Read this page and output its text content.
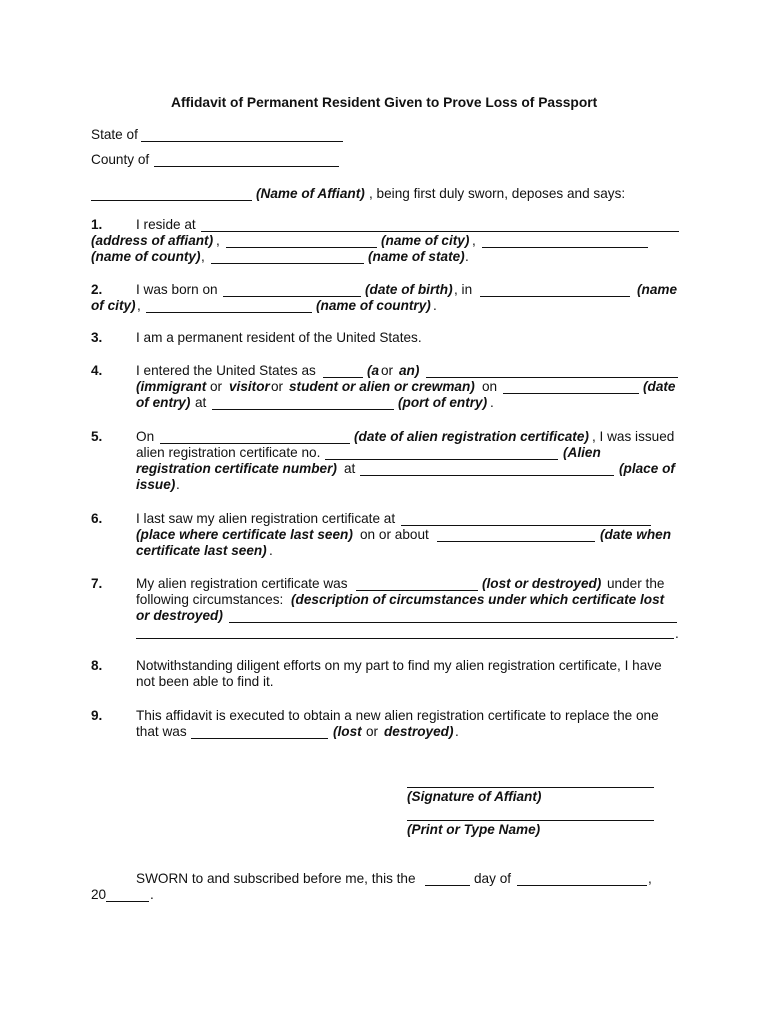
Affidavit of Permanent Resident Given to Prove Loss of Passport
State of
County of
(Name of Affiant) , being first duly sworn, deposes and says:
1. I reside at
(address of affiant) ,	(name of city) ,
(name of county) ,	(name of state) .
2. I was born on	(date of birth) , in	(name
of city) ,	(name of country) .
3. I am a permanent resident of the United States.
4. I entered the United States as	(a or an)
(immigrant or visitor or student or alien or crewman) on	(date
of entry) at	(port of entry) .
5. On	(date of alien registration certificate) , I was issued
alien registration certificate no.	(Alien
registration certificate number) at	(place of
issue) .
6. I last saw my alien registration certificate at
(place where certificate last seen) on or about	(date when
certificate last seen) .
7. My alien registration certificate was	(lost or destroyed) under the
following circumstances: (description of circumstances under which certificate lost
or destroyed)
.
8. Notwithstanding diligent efforts on my part to find my alien registration certificate, I have
not been able to find it.
9. This affidavit is executed to obtain a new alien registration certificate to replace the one
that was	(lost or destroyed) .
(Signature of Affiant)
(Print or Type Name)
SWORN to and subscribed before me, this the	day of	,
20	.
